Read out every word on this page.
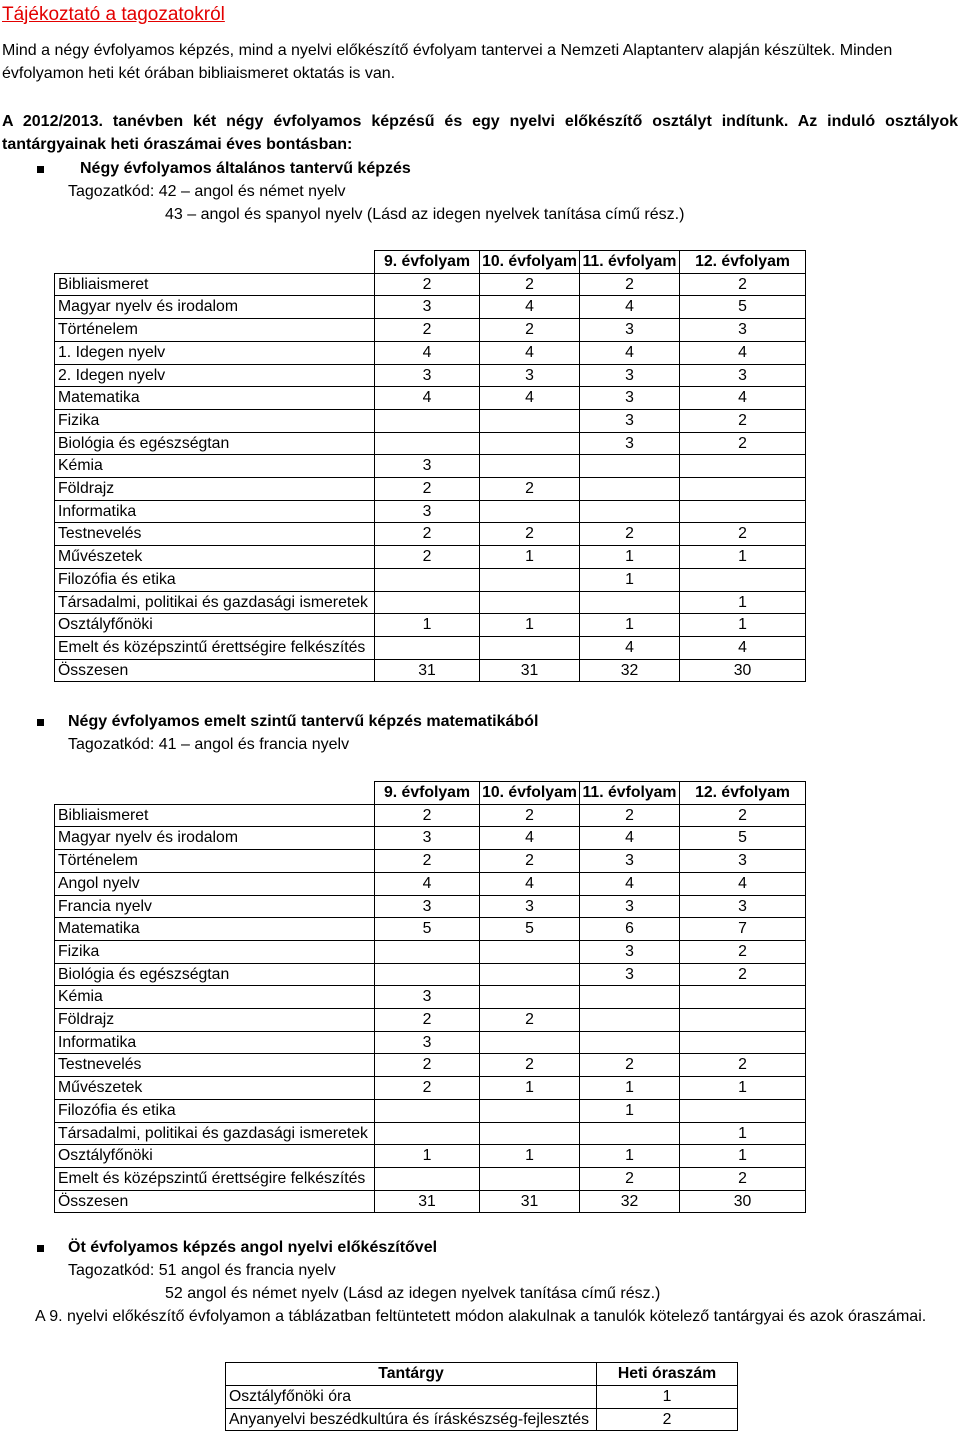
Tájékoztató a tagozatokról
Mind a négy évfolyamos képzés, mind a nyelvi előkészítő évfolyam tantervei a Nemzeti Alaptanterv alapján készültek. Minden évfolyamon heti két órában bibliaismeret oktatás is van.
A 2012/2013. tanévben két négy évfolyamos képzésű és egy nyelvi előkészítő osztályt indítunk. Az induló osztályok tantárgyainak heti óraszámai éves bontásban:
Négy évfolyamos általános tantervű képzés
Tagozatkód: 42 – angol és német nyelv
43 – angol és spanyol nyelv (Lásd az idegen nyelvek tanítása című rész.)
	9. évfolyam	10. évfolyam	11. évfolyam	12. évfolyam
Bibliaismeret	2	2	2	2
Magyar nyelv és irodalom	3	4	4	5
Történelem	2	2	3	3
1. Idegen nyelv	4	4	4	4
2. Idegen nyelv	3	3	3	3
Matematika	4	4	3	4
Fizika			3	2
Biológia és egészségtan			3	2
Kémia	3			
Földrajz	2	2		
Informatika	3			
Testnevelés	2	2	2	2
Művészetek	2	1	1	1
Filozófia és etika			1	
Társadalmi, politikai és gazdasági ismeretek				1
Osztályfőnöki	1	1	1	1
Emelt és középszintű érettségire felkészítés			4	4
Összesen	31	31	32	30
Négy évfolyamos emelt szintű tantervű képzés matematikából
Tagozatkód: 41 – angol és francia nyelv
	9. évfolyam	10. évfolyam	11. évfolyam	12. évfolyam
Bibliaismeret	2	2	2	2
Magyar nyelv és irodalom	3	4	4	5
Történelem	2	2	3	3
Angol nyelv	4	4	4	4
Francia nyelv	3	3	3	3
Matematika	5	5	6	7
Fizika			3	2
Biológia és egészségtan			3	2
Kémia	3			
Földrajz	2	2		
Informatika	3			
Testnevelés	2	2	2	2
Művészetek	2	1	1	1
Filozófia és etika			1	
Társadalmi, politikai és gazdasági ismeretek				1
Osztályfőnöki	1	1	1	1
Emelt és középszintű érettségire felkészítés			2	2
Összesen	31	31	32	30
Öt évfolyamos képzés angol nyelvi előkészítővel
Tagozatkód: 51 angol és francia nyelv
52 angol és német nyelv (Lásd az idegen nyelvek tanítása című rész.)
A 9. nyelvi előkészítő évfolyamon a táblázatban feltüntetett módon alakulnak a tanulók kötelező tantárgyai és azok óraszámai.
Tantárgy	Heti óraszám
Osztályfőnöki óra	1
Anyanyelvi beszédkultúra és íráskészség-fejlesztés	2
